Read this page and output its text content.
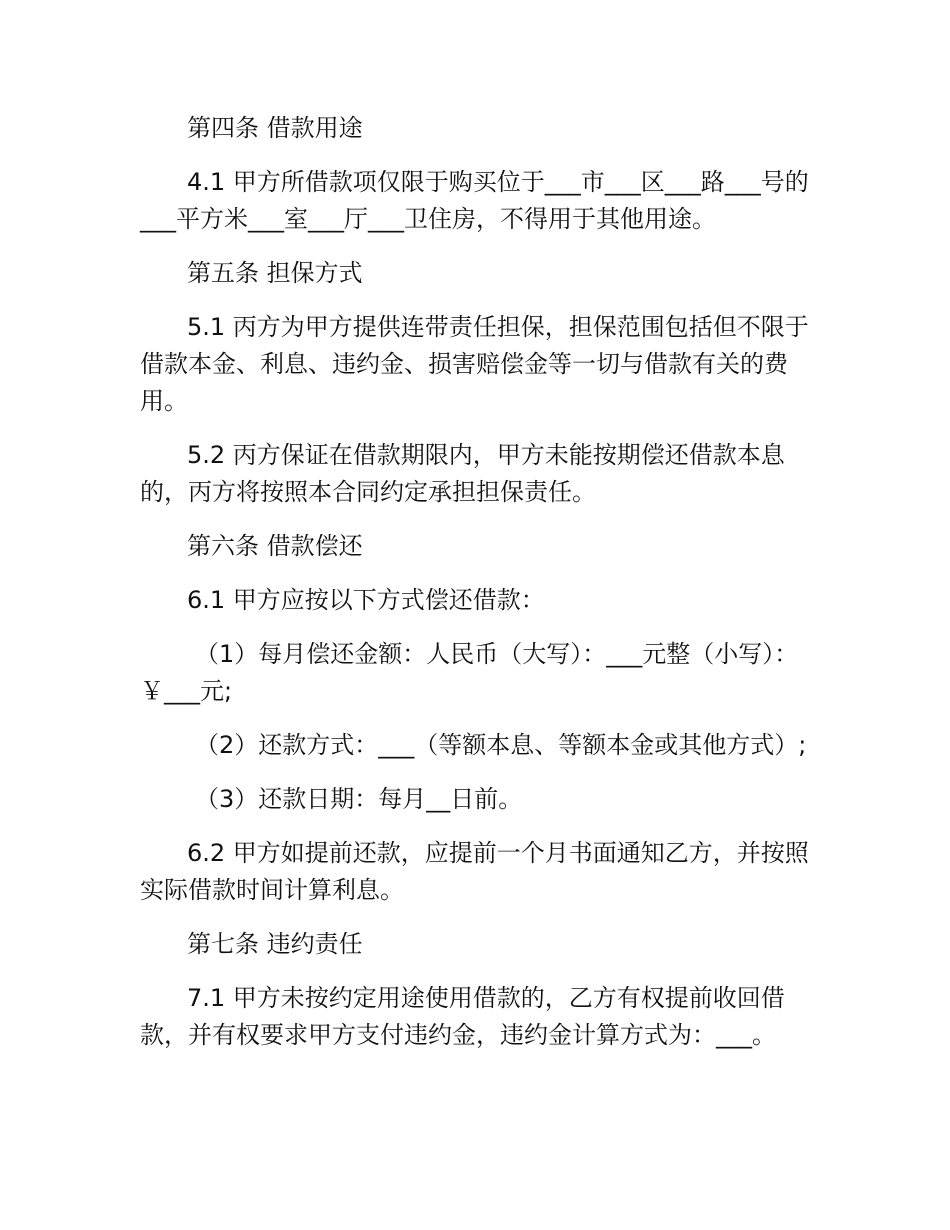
第四条 借款用途

4.1 甲方所借款项仅限于购买位于___市___区___路___号的___平方米___室___厅___卫住房，不得用于其他用途。

第五条 担保方式

5.1 丙方为甲方提供连带责任担保，担保范围包括但不限于借款本金、利息、违约金、损害赔偿金等一切与借款有关的费用。

5.2 丙方保证在借款期限内，甲方未能按期偿还借款本息的，丙方将按照本合同约定承担担保责任。

第六条 借款偿还

6.1 甲方应按以下方式偿还借款：

（1）每月偿还金额：人民币（大写）：___元整（小写）：￥___元;

（2）还款方式：___（等额本息、等额本金或其他方式）;

（3）还款日期：每月__日前。

6.2 甲方如提前还款，应提前一个月书面通知乙方，并按照实际借款时间计算利息。

第七条 违约责任

7.1 甲方未按约定用途使用借款的，乙方有权提前收回借款，并有权要求甲方支付违约金，违约金计算方式为：___。
